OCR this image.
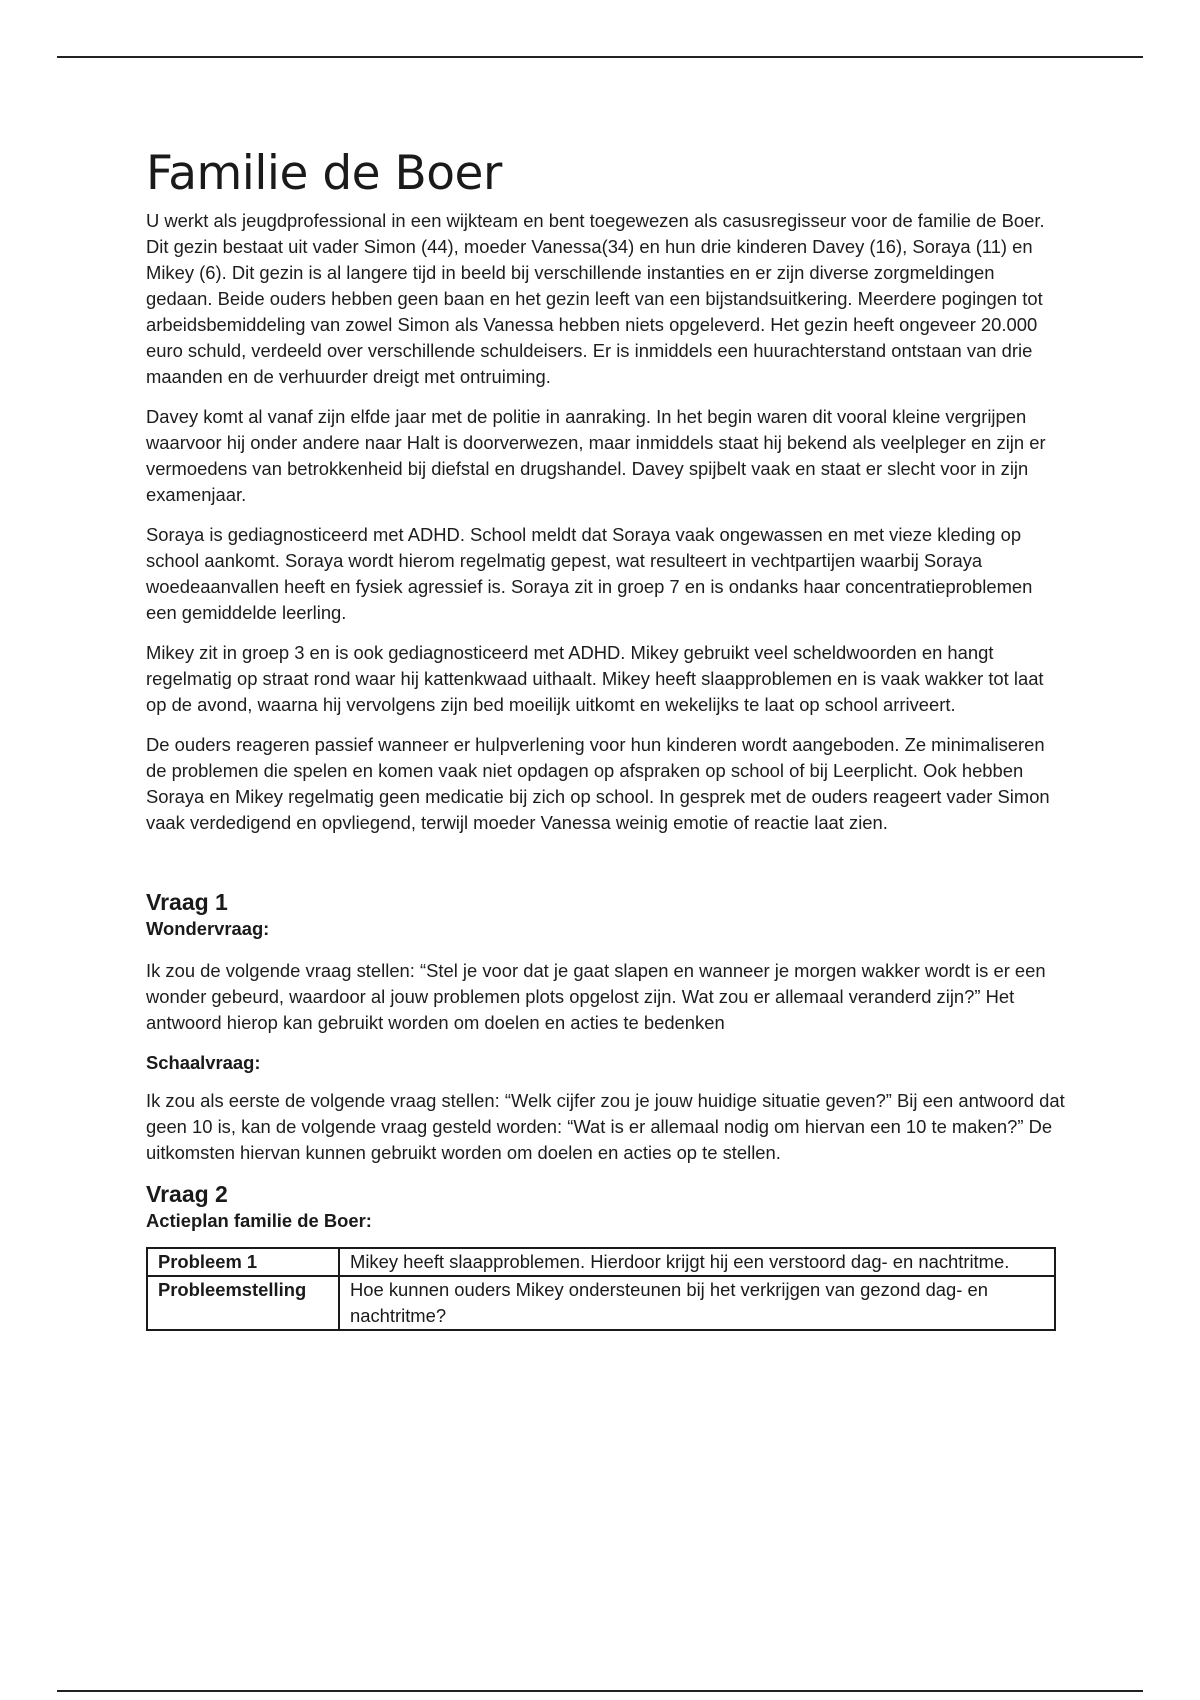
Familie de Boer

U werkt als jeugdprofessional in een wijkteam en bent toegewezen als casusregisseur voor de familie de Boer. Dit gezin bestaat uit vader Simon (44), moeder Vanessa(34) en hun drie kinderen Davey (16), Soraya (11) en Mikey (6). Dit gezin is al langere tijd in beeld bij verschillende instanties en er zijn diverse zorgmeldingen gedaan. Beide ouders hebben geen baan en het gezin leeft van een bijstandsuitkering. Meerdere pogingen tot arbeidsbemiddeling van zowel Simon als Vanessa hebben niets opgeleverd. Het gezin heeft ongeveer 20.000 euro schuld, verdeeld over verschillende schuldeisers. Er is inmiddels een huurachterstand ontstaan van drie maanden en de verhuurder dreigt met ontruiming.

Davey komt al vanaf zijn elfde jaar met de politie in aanraking. In het begin waren dit vooral kleine vergrijpen waarvoor hij onder andere naar Halt is doorverwezen, maar inmiddels staat hij bekend als veelpleger en zijn er vermoedens van betrokkenheid bij diefstal en drugshandel. Davey spijbelt vaak en staat er slecht voor in zijn examenjaar.

Soraya is gediagnosticeerd met ADHD. School meldt dat Soraya vaak ongewassen en met vieze kleding op school aankomt. Soraya wordt hierom regelmatig gepest, wat resulteert in vechtpartijen waarbij Soraya woedeaanvallen heeft en fysiek agressief is. Soraya zit in groep 7 en is ondanks haar concentratieproblemen een gemiddelde leerling.

Mikey zit in groep 3 en is ook gediagnosticeerd met ADHD. Mikey gebruikt veel scheldwoorden en hangt regelmatig op straat rond waar hij kattenkwaad uithaalt. Mikey heeft slaapproblemen en is vaak wakker tot laat op de avond, waarna hij vervolgens zijn bed moeilijk uitkomt en wekelijks te laat op school arriveert.

De ouders reageren passief wanneer er hulpverlening voor hun kinderen wordt aangeboden. Ze minimaliseren de problemen die spelen en komen vaak niet opdagen op afspraken op school of bij Leerplicht. Ook hebben Soraya en Mikey regelmatig geen medicatie bij zich op school. In gesprek met de ouders reageert vader Simon vaak verdedigend en opvliegend, terwijl moeder Vanessa weinig emotie of reactie laat zien.

Vraag 1
Wondervraag:

Ik zou de volgende vraag stellen: “Stel je voor dat je gaat slapen en wanneer je morgen wakker wordt is er een wonder gebeurd, waardoor al jouw problemen plots opgelost zijn. Wat zou er allemaal veranderd zijn?” Het antwoord hierop kan gebruikt worden om doelen en acties te bedenken

Schaalvraag:

Ik zou als eerste de volgende vraag stellen: “Welk cijfer zou je jouw huidige situatie geven?” Bij een antwoord dat geen 10 is, kan de volgende vraag gesteld worden: “Wat is er allemaal nodig om hiervan een 10 te maken?” De uitkomsten hiervan kunnen gebruikt worden om doelen en acties op te stellen.

Vraag 2
Actieplan familie de Boer:
Probleem 1	Mikey heeft slaapproblemen. Hierdoor krijgt hij een verstoord dag- en nachtritme.
Probleemstelling	Hoe kunnen ouders Mikey ondersteunen bij het verkrijgen van gezond dag- en nachtritme?
